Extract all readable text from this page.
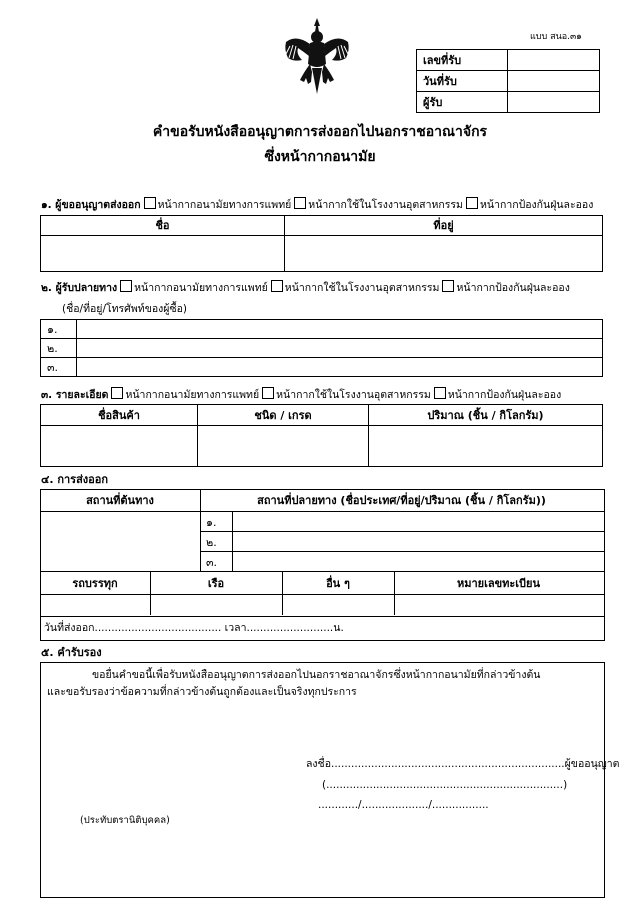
แบบ สนอ.๓๑
เลขที่รับ	
วันที่รับ	
ผู้รับ	
คำขอรับหนังสืออนุญาตการส่งออกไปนอกราชอาณาจักร
ซึ่งหน้ากากอนามัย
๑. ผู้ขออนุญาตส่งออก หน้ากากอนามัยทางการแพทย์ หน้ากากใช้ในโรงงานอุตสาหกรรม หน้ากากป้องกันฝุ่นละออง
ชื่อ	ที่อยู่

๒. ผู้รับปลายทาง หน้ากากอนามัยทางการแพทย์ หน้ากากใช้ในโรงงานอุตสาหกรรม หน้ากากป้องกันฝุ่นละออง
(ชื่อ/ที่อยู่/โทรศัพท์ของผู้ซื้อ)
๑.	
๒.	
๓.	
๓. รายละเอียด หน้ากากอนามัยทางการแพทย์ หน้ากากใช้ในโรงงานอุตสาหกรรม หน้ากากป้องกันฝุ่นละออง
ชื่อสินค้า	ชนิด / เกรด	ปริมาณ (ชิ้น / กิโลกรัม)

๔. การส่งออก
สถานที่ต้นทาง	สถานที่ปลายทาง (ชื่อประเทศ/ที่อยู่/ปริมาณ (ชิ้น / กิโลกรัม))
๑.
๒.
๓.
รถบรรทุก	เรือ	อื่น ๆ	หมายเลขทะเบียน
วันที่ส่งออก...................................... เวลา..........................น.
๕. คำรับรอง
ขอยื่นคำขอนี้เพื่อรับหนังสืออนุญาตการส่งออกไปนอกราชอาณาจักรซึ่งหน้ากากอนามัยที่กล่าวข้างต้น
และขอรับรองว่าข้อความที่กล่าวข้างต้นถูกต้องและเป็นจริงทุกประการ
ลงชื่อ......................................................................ผู้ขออนุญาต
(.......................................................................)
............/..................../.................
(ประทับตรานิติบุคคล)
